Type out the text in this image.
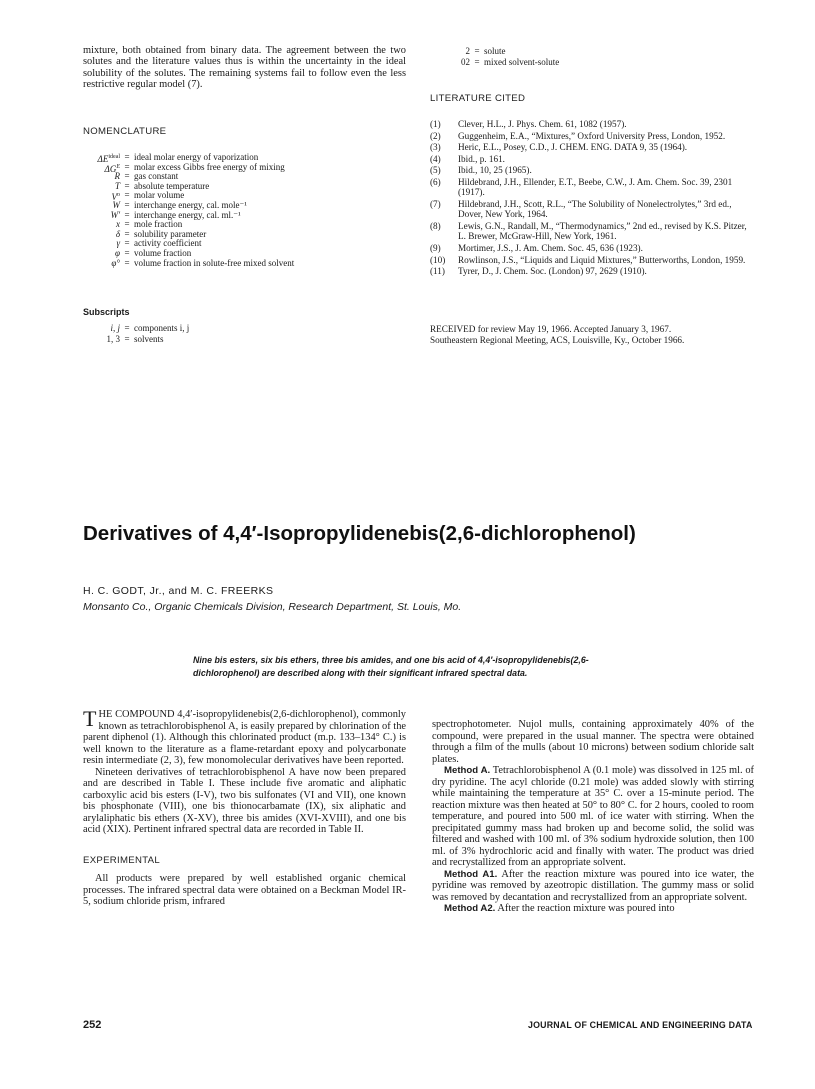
mixture, both obtained from binary data. The agreement between the two solutes and the literature values thus is within the uncertainty in the ideal solubility of the solutes. The remaining systems fail to follow even the less restrictive regular model (7).

NOMENCLATURE
$\Delta E^{ideal}$ = ideal molar energy of vaporization
$\Delta G^E$ = molar excess Gibbs free energy of mixing
R = gas constant
T = absolute temperature
$V^o$ = molar volume
W = interchange energy, cal. mole⁻¹
W' = interchange energy, cal. ml.⁻¹
x = mole fraction
δ = solubility parameter
γ = activity coefficient
φ = volume fraction
φ° = volume fraction in solute-free mixed solvent
Subscripts
i, j = components i, j
1, 3 = solvents
2 = solute
02 = mixed solvent-solute
LITERATURE CITED
(1)	Clever, H.L., J. Phys. Chem. 61, 1082 (1957).
(2)	Guggenheim, E.A., “Mixtures,” Oxford University Press, London, 1952.
(3)	Heric, E.L., Posey, C.D., J. CHEM. ENG. DATA 9, 35 (1964).
(4)	Ibid., p. 161.
(5)	Ibid., 10, 25 (1965).
(6)	Hildebrand, J.H., Ellender, E.T., Beebe, C.W., J. Am. Chem. Soc. 39, 2301 (1917).
(7)	Hildebrand, J.H., Scott, R.L., “The Solubility of Nonelectrolytes,” 3rd ed., Dover, New York, 1964.
(8)	Lewis, G.N., Randall, M., “Thermodynamics,” 2nd ed., revised by K.S. Pitzer, L. Brewer, McGraw-Hill, New York, 1961.
(9)	Mortimer, J.S., J. Am. Chem. Soc. 45, 636 (1923).
(10)	Rowlinson, J.S., “Liquids and Liquid Mixtures,” Butterworths, London, 1959.
(11)	Tyrer, D., J. Chem. Soc. (London) 97, 2629 (1910).
RECEIVED for review May 19, 1966. Accepted January 3, 1967.
Southeastern Regional Meeting, ACS, Louisville, Ky., October 1966.
Derivatives of 4,4′-Isopropylidenebis(2,6-dichlorophenol)
H. C. GODT, Jr., and M. C. FREERKS
Monsanto Co., Organic Chemicals Division, Research Department, St. Louis, Mo.
Nine bis esters, six bis ethers, three bis amides, and one bis acid of 4,4′-isopropylidenebis(2,6-dichlorophenol) are described along with their significant infrared spectral data.

THE COMPOUND 4,4′-isopropylidenebis(2,6-dichlorophenol), commonly known as tetrachlorobisphenol A, is easily prepared by chlorination of the parent diphenol (1). Although this chlorinated product (m.p. 133–134° C.) is well known to the literature as a flame-retardant epoxy and polycarbonate resin intermediate (2, 3), few monomolecular derivatives have been reported.

Nineteen derivatives of tetrachlorobisphenol A have now been prepared and are described in Table I. These include five aromatic and aliphatic carboxylic acid bis esters (I-V), two bis sulfonates (VI and VII), one known bis phosphonate (VIII), one bis thionocarbamate (IX), six aliphatic and arylaliphatic bis ethers (X-XV), three bis amides (XVI-XVIII), and one bis acid (XIX). Pertinent infrared spectral data are recorded in Table II.

EXPERIMENTAL

All products were prepared by well established organic chemical processes. The infrared spectral data were obtained on a Beckman Model IR-5, sodium chloride prism, infrared

spectrophotometer. Nujol mulls, containing approximately 40% of the compound, were prepared in the usual manner. The spectra were obtained through a film of the mulls (about 10 microns) between sodium chloride salt plates.

Method A. Tetrachlorobisphenol A (0.1 mole) was dissolved in 125 ml. of dry pyridine. The acyl chloride (0.21 mole) was added slowly with stirring while maintaining the temperature at 35° C. over a 15-minute period. The reaction mixture was then heated at 50° to 80° C. for 2 hours, cooled to room temperature, and poured into 500 ml. of ice water with stirring. When the precipitated gummy mass had broken up and become solid, the solid was filtered and washed with 100 ml. of 3% sodium hydroxide solution, then 100 ml. of 3% hydrochloric acid and finally with water. The product was dried and recrystallized from an appropriate solvent.

Method A1. After the reaction mixture was poured into ice water, the pyridine was removed by azeotropic distillation. The gummy mass or solid was removed by decantation and recrystallized from an appropriate solvent.

Method A2. After the reaction mixture was poured into

252	JOURNAL OF CHEMICAL AND ENGINEERING DATA
